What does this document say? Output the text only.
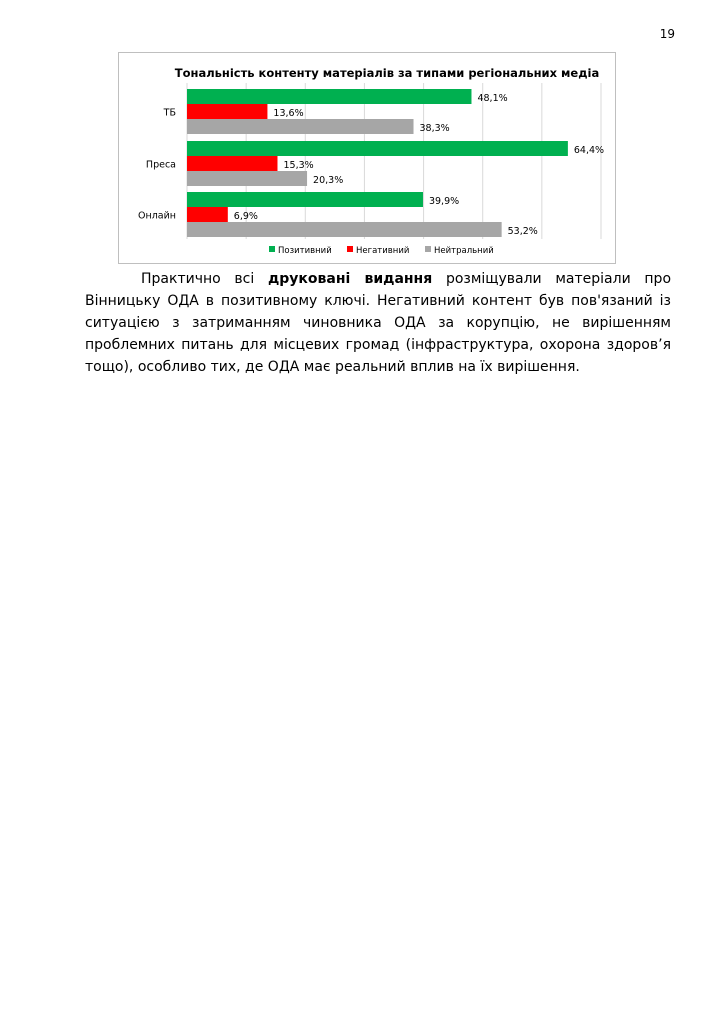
19
Тональність контенту матеріалів за типами регіональних медіа
48,1%
13,6%
38,3%
64,4%
15,3%
20,3%
39,9%
6,9%
53,2%
ТБ
Преса
Онлайн
Позитивний	Негативний	Нейтральний

Практично всі друковані видання розміщували матеріали про Вінницьку ОДА в позитивному ключі. Негативний контент був пов'язаний із ситуацією з затриманням чиновника ОДА за корупцію, не вирішенням проблемних питань для місцевих громад (інфраструктура, охорона здоров’я тощо), особливо тих, де ОДА має реальний вплив на їх вирішення.
